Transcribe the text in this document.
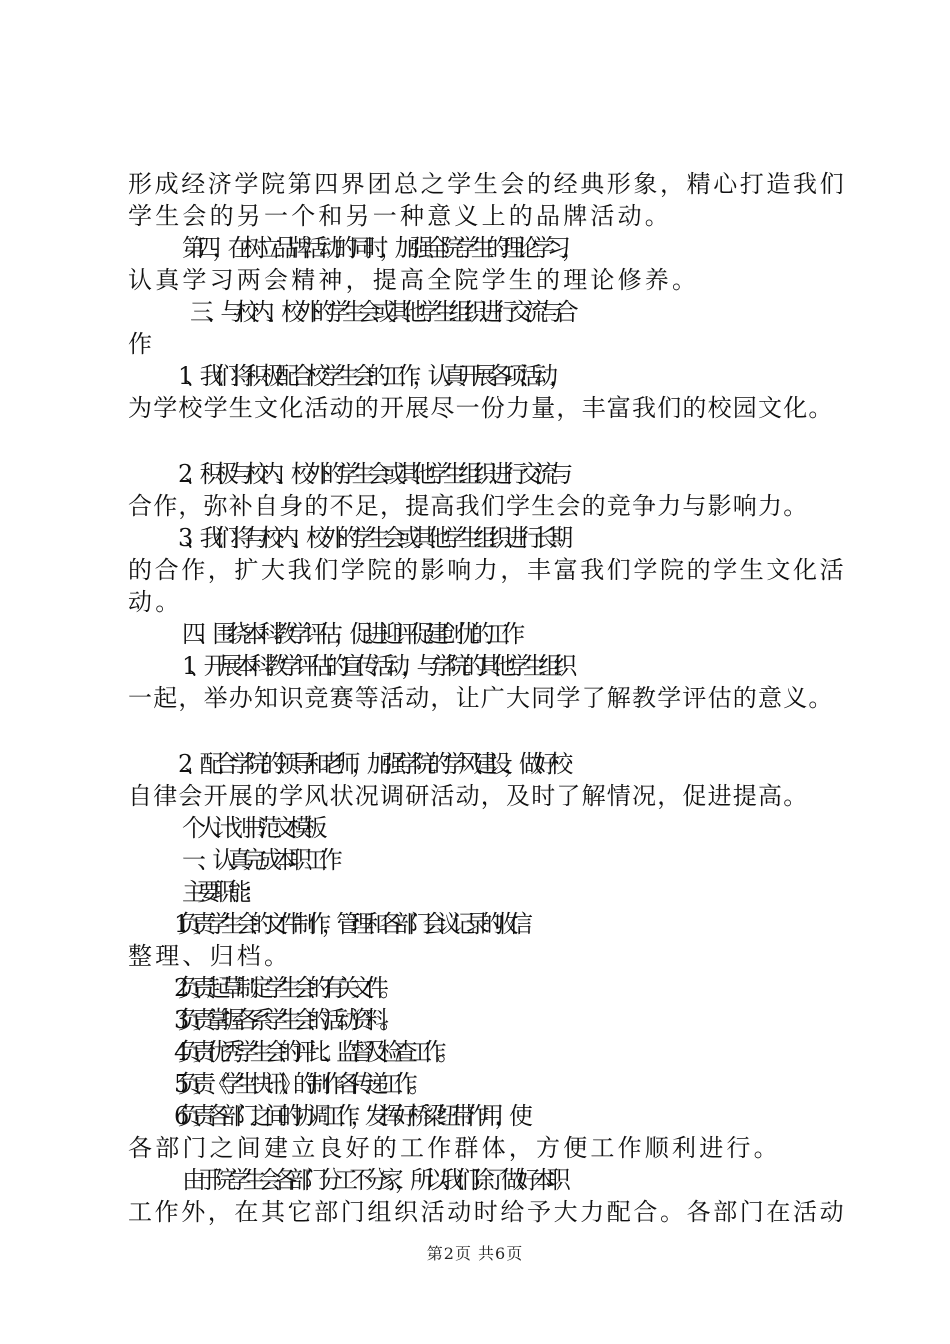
形成经济学院第四界团总之学生会的经典形象，精心打造我们
学生会的另一个和另一种意义上的品牌活动。
第四，在树立品牌活动的同时，加强全院学生的理论学习，
认真学习两会精神，提高全院学生的理论修养。
三、与校内、校外的学生会或其他学生组织进行交流与合
作
1、我们将积极配合校学生会的工作，认真开展各项活动，
为学校学生文化活动的开展尽一份力量，丰富我们的校园文化。
2、积极与校内、校外的学生会或其他学生组织进行交流与
合作，弥补自身的不足，提高我们学生会的竞争力与影响力。
3、我们将与校内、校外的学生会或其他学生组织进行长期
的合作，扩大我们学院的影响力，丰富我们学院的学生文化活
动。
四、围绕本科教学评估，促进迎评促建创优的工作
1、开展本科教学评估的宣传活动，与学院的其他学生组织
一起，举办知识竞赛等活动，让广大同学了解教学评估的意义。
2、配合学院的领导和老师，加强学院的学风建设，做好校
自律会开展的学风状况调研活动，及时了解情况，促进提高。
个人计划书范文模板
一、认真完成本职工作
主要职能：
1.负责学生会的文件制作，管理和各部门会议记录的收信
整理、归档。
2.负责起草制定学生会的有关文件。
3.负责掌握各系学生会的活动资料。
4.负责优秀学生会的评比、监督及检查工作。
5.负责《学生快讯》的制作各传递工作。
6.负责各部门之间的协调工作，发挥好桥梁纽带作用，使
各部门之间建立良好的工作群体，方便工作顺利进行。
由于院学生会各部门分工不分家，所以我们除了做好本职
工作外，在其它部门组织活动时给予大力配合。各部门在活动
第2页 共6页
